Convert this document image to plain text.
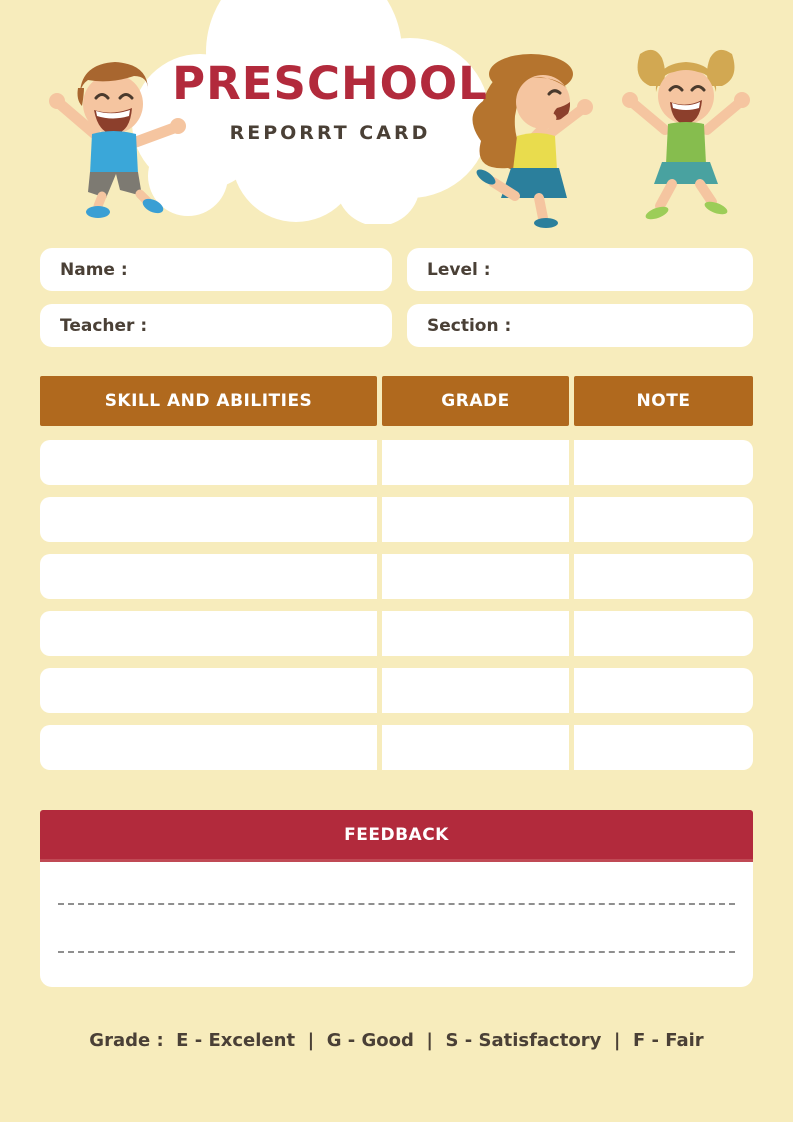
PRESCHOOL
REPORRT CARD
Name :	Level :
Teacher :	Section :
SKILL AND ABILITIES	GRADE	NOTE
FEEDBACK
Grade :  E - Excelent  |  G - Good  |  S - Satisfactory  |  F - Fair
